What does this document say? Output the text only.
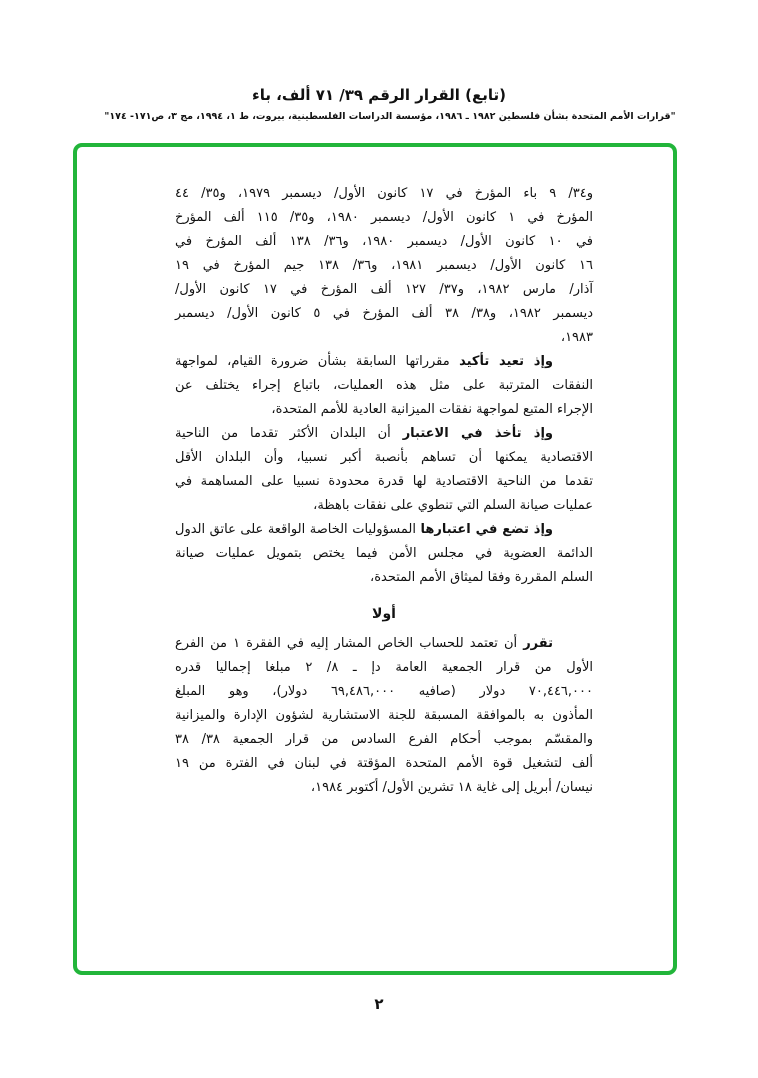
(تابع) القرار الرقم ٣٩/ ٧١ ألف، باء
"قرارات الأمم المتحدة بشأن فلسطين ١٩٨٢ ـ ١٩٨٦، مؤسسة الدراسات الفلسطينية، بيروت، ط ١، ١٩٩٤، مج ٣، ص١٧١- ١٧٤"
و٣٤/ ٩ باء المؤرخ في ١٧ كانون الأول/ ديسمبر ١٩٧٩، و٣٥/ ٤٤
المؤرخ في ١ كانون الأول/ ديسمبر ١٩٨٠، و٣٥/ ١١٥ ألف المؤرخ
في ١٠ كانون الأول/ ديسمبر ١٩٨٠، و٣٦/ ١٣٨ ألف المؤرخ في
١٦ كانون الأول/ ديسمبر ١٩٨١، و٣٦/ ١٣٨ جيم المؤرخ في ١٩
آذار/ مارس ١٩٨٢، و٣٧/ ١٢٧ ألف المؤرخ في ١٧ كانون الأول/
ديسمبر ١٩٨٢، و٣٨/ ٣٨ ألف المؤرخ في ٥ كانون الأول/ ديسمبر
١٩٨٣،
وإذ تعيد تأكيد مقرراتها السابقة بشأن ضرورة القيام، لمواجهة
النفقات المترتبة على مثل هذه العمليات، باتباع إجراء يختلف عن
الإجراء المتبع لمواجهة نفقات الميزانية العادية للأمم المتحدة،
وإذ تأخذ في الاعتبار أن البلدان الأكثر تقدما من الناحية
الاقتصادية يمكنها أن تساهم بأنصبة أكبر نسبيا، وأن البلدان الأقل
تقدما من الناحية الاقتصادية لها قدرة محدودة نسبيا على المساهمة في
عمليات صيانة السلم التي تنطوي على نفقات باهظة،
وإذ تضع في اعتبارها المسؤوليات الخاصة الواقعة على عاتق الدول
الدائمة العضوية في مجلس الأمن فيما يختص بتمويل عمليات صيانة
السلم المقررة وفقا لميثاق الأمم المتحدة،
أولا
تقرر أن تعتمد للحساب الخاص المشار إليه في الفقرة ١ من الفرع
الأول من قرار الجمعية العامة دإ ـ ٨/ ٢ مبلغا إجماليا قدره
٧٠,٤٤٦,٠٠٠ دولار (صافيه ٦٩,٤٨٦,٠٠٠ دولار)، وهو المبلغ
المأذون به بالموافقة المسبقة للجنة الاستشارية لشؤون الإدارة والميزانية
والمقسّم بموجب أحكام الفرع السادس من قرار الجمعية ٣٨/ ٣٨
ألف لتشغيل قوة الأمم المتحدة المؤقتة في لبنان في الفترة من ١٩
نيسان/ أبريل إلى غاية ١٨ تشرين الأول/ أكتوبر ١٩٨٤،
٢
